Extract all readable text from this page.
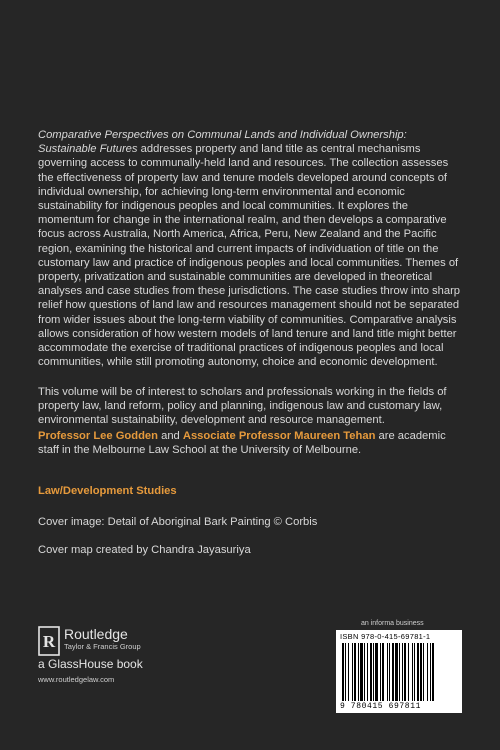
Comparative Perspectives on Communal Lands and Individual Ownership: Sustainable Futures addresses property and land title as central mechanisms governing access to communally-held land and resources. The collection assesses the effectiveness of property law and tenure models developed around concepts of individual ownership, for achieving long-term environmental and economic sustainability for indigenous peoples and local communities. It explores the momentum for change in the international realm, and then develops a comparative focus across Australia, North America, Africa, Peru, New Zealand and the Pacific region, examining the historical and current impacts of individuation of title on the customary law and practice of indigenous peoples and local communities. Themes of property, privatization and sustainable communities are developed in theoretical analyses and case studies from these jurisdictions. The case studies throw into sharp relief how questions of land law and resources management should not be separated from wider issues about the long-term viability of communities. Comparative analysis allows consideration of how western models of land tenure and land title might better accommodate the exercise of traditional practices of indigenous peoples and local communities, while still promoting autonomy, choice and economic development.

This volume will be of interest to scholars and professionals working in the fields of property law, land reform, policy and planning, indigenous law and customary law, environmental sustainability, development and resource management.
Professor Lee Godden and Associate Professor Maureen Tehan are academic staff in the Melbourne Law School at the University of Melbourne.
Law/Development Studies
Cover image: Detail of Aboriginal Bark Painting © Corbis
Cover map created by Chandra Jayasuriya
R Routledge
Taylor & Francis Group
a GlassHouse book
www.routledgelaw.com
an informa business
ISBN 978-0-415-69781-1
9 780415 697811
